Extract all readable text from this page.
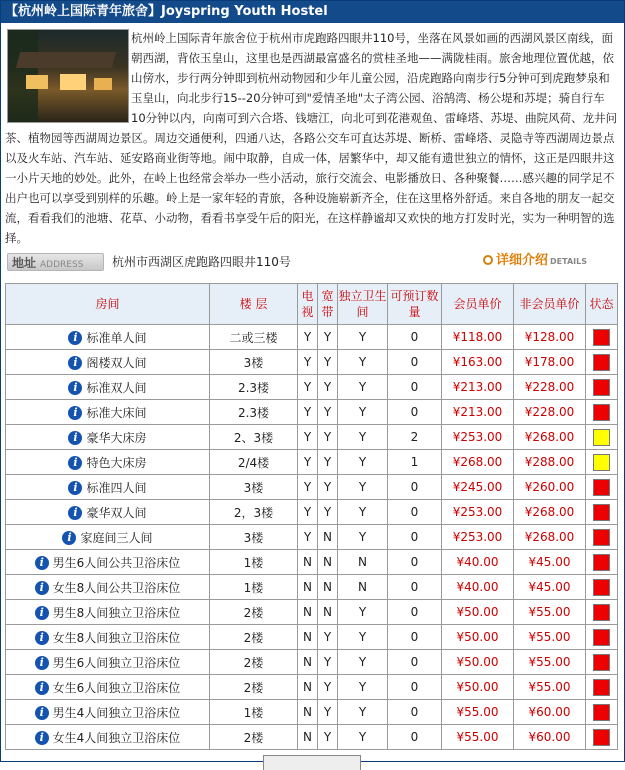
【杭州岭上国际青年旅舍】Joyspring Youth Hostel
杭州岭上国际青年旅舍位于杭州市虎跑路四眼井110号，坐落在风景如画的西湖风景区南线，面朝西湖，背依玉皇山，这里也是西湖最富盛名的赏桂圣地——满陇桂雨。旅舍地理位置优越，依山傍水，步行两分钟即到杭州动物园和少年儿童公园，沿虎跑路向南步行5分钟可到虎跑梦泉和玉皇山，向北步行15--20分钟可到"爱情圣地"太子湾公园、浴鹄湾、杨公堤和苏堤；骑自行车10分钟以内，向南可到六合塔、钱塘江，向北可到花港观鱼、雷峰塔、苏堤、曲院风荷、龙井问茶、植物园等西湖周边景区。周边交通便利，四通八达，各路公交车可直达苏堤、断桥、雷峰塔、灵隐寺等西湖周边景点以及火车站、汽车站、延安路商业街等地。闹中取静，自成一体，居繁华中，却又能有遗世独立的情怀，这正是四眼井这一小片天地的妙处。此外，在岭上也经常会举办一些小活动，旅行交流会、电影播放日、各种聚餐……感兴趣的同学足不出户也可以享受到别样的乐趣。岭上是一家年轻的青旅，各种设施崭新齐全，住在这里格外舒适。来自各地的朋友一起交流，看看我们的池塘、花草、小动物，看看书享受午后的阳光，在这样静谧却又欢快的地方打发时光，实为一种明智的选择。
地址 ADDRESS	杭州市西湖区虎跑路四眼井110号	详细介绍 DETAILS
房间	楼 层	电视	宽带	独立卫生间	可预订数量	会员单价	非会员单价	状态
i 标准单人间	二或三楼	Y	Y	Y	0	¥118.00	¥128.00	
i 阁楼双人间	3楼	Y	Y	Y	0	¥163.00	¥178.00	
i 标准双人间	2.3楼	Y	Y	Y	0	¥213.00	¥228.00	
i 标准大床间	2.3楼	Y	Y	Y	0	¥213.00	¥228.00	
i 豪华大床房	2、3楼	Y	Y	Y	2	¥253.00	¥268.00	
i 特色大床房	2/4楼	Y	Y	Y	1	¥268.00	¥288.00	
i 标准四人间	3楼	Y	Y	Y	0	¥245.00	¥260.00	
i 豪华双人间	2，3楼	Y	Y	Y	0	¥253.00	¥268.00	
i 家庭间三人间	3楼	Y	N	Y	0	¥253.00	¥268.00	
i 男生6人间公共卫浴床位	1楼	N	N	N	0	¥40.00	¥45.00	
i 女生8人间公共卫浴床位	1楼	N	N	N	0	¥40.00	¥45.00	
i 男生8人间独立卫浴床位	2楼	N	N	Y	0	¥50.00	¥55.00	
i 女生8人间独立卫浴床位	2楼	N	Y	Y	0	¥50.00	¥55.00	
i 男生6人间独立卫浴床位	2楼	N	Y	Y	0	¥50.00	¥55.00	
i 女生6人间独立卫浴床位	2楼	N	Y	Y	0	¥50.00	¥55.00	
i 男生4人间独立卫浴床位	1楼	N	Y	Y	0	¥55.00	¥60.00	
i 女生4人间独立卫浴床位	2楼	N	Y	Y	0	¥55.00	¥60.00	
